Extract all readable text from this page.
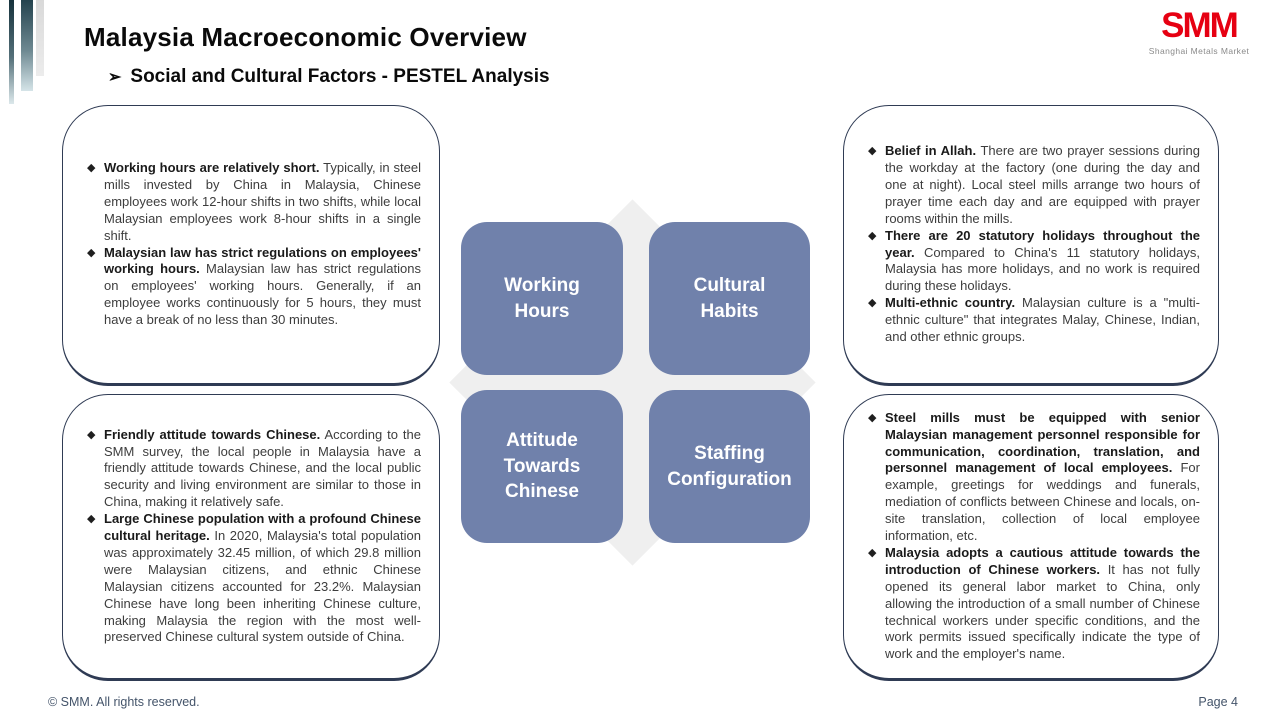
Malaysia Macroeconomic Overview
➢ Social and Cultural Factors - PESTEL Analysis
SMM
Shanghai Metals Market
Working Hours
Cultural Habits
Attitude Towards Chinese
Staffing Configuration
◆ Working hours are relatively short. Typically, in steel mills invested by China in Malaysia, Chinese employees work 12-hour shifts in two shifts, while local Malaysian employees work 8-hour shifts in a single shift.
◆ Malaysian law has strict regulations on employees' working hours. Malaysian law has strict regulations on employees' working hours. Generally, if an employee works continuously for 5 hours, they must have a break of no less than 30 minutes.
◆ Friendly attitude towards Chinese. According to the SMM survey, the local people in Malaysia have a friendly attitude towards Chinese, and the local public security and living environment are similar to those in China, making it relatively safe.
◆ Large Chinese population with a profound Chinese cultural heritage. In 2020, Malaysia's total population was approximately 32.45 million, of which 29.8 million were Malaysian citizens, and ethnic Chinese Malaysian citizens accounted for 23.2%. Malaysian Chinese have long been inheriting Chinese culture, making Malaysia the region with the most well-preserved Chinese cultural system outside of China.
◆ Belief in Allah. There are two prayer sessions during the workday at the factory (one during the day and one at night). Local steel mills arrange two hours of prayer time each day and are equipped with prayer rooms within the mills.
◆ There are 20 statutory holidays throughout the year. Compared to China's 11 statutory holidays, Malaysia has more holidays, and no work is required during these holidays.
◆ Multi-ethnic country. Malaysian culture is a "multi-ethnic culture" that integrates Malay, Chinese, Indian, and other ethnic groups.
◆ Steel mills must be equipped with senior Malaysian management personnel responsible for communication, coordination, translation, and personnel management of local employees. For example, greetings for weddings and funerals, mediation of conflicts between Chinese and locals, on-site translation, collection of local employee information, etc.
◆ Malaysia adopts a cautious attitude towards the introduction of Chinese workers. It has not fully opened its general labor market to China, only allowing the introduction of a small number of Chinese technical workers under specific conditions, and the work permits issued specifically indicate the type of work and the employer's name.
© SMM. All rights reserved.	Page 4
